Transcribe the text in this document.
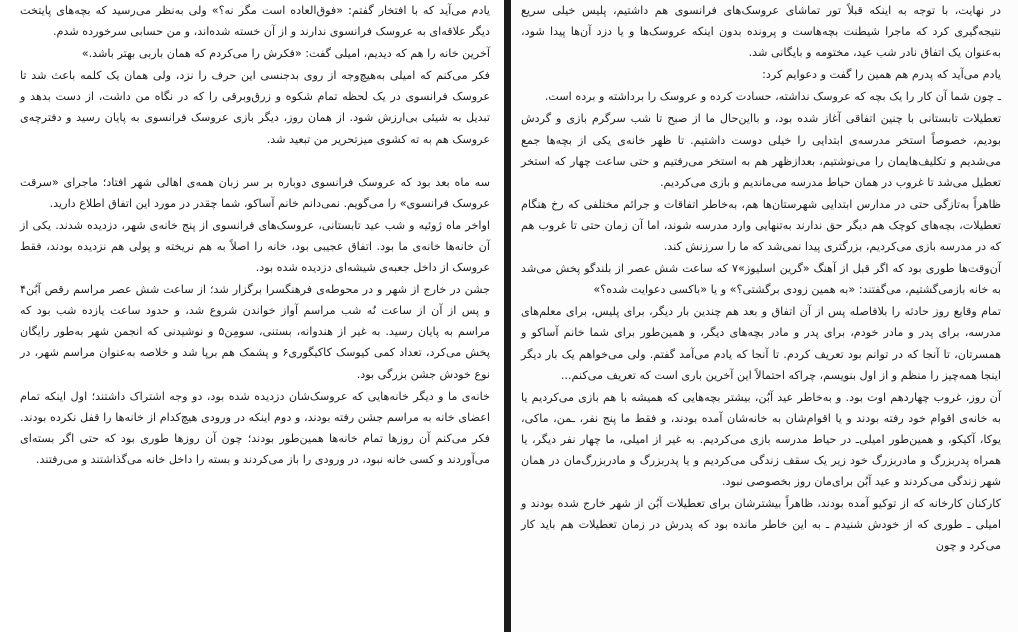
یادم می‌آید که با افتخار گفتم: «فوق‌العاده است مگر نه؟» ولی به‌نظر می‌رسید که بچه‌های پایتخت دیگر علاقه‌ای به عروسک فرانسوی ندارند و از آن خسته شده‌اند، و من حسابی سرخورده شدم.

آخرین خانه را هم که دیدیم، امیلی گفت: «فکرش را می‌کردم که همان باربی بهتر باشد.»

فکر می‌کنم که امیلی به‌هیچ‌وجه از روی بدجنسی این حرف را نزد، ولی همان یک کلمه باعث شد تا عروسک فرانسوی در یک لحظه تمام شکوه و زرق‌وبرقی را که در نگاه من داشت، از دست بدهد و تبدیل به شیئی بی‌ارزش شود. از همان روز، دیگر بازی عروسک فرانسوی به پایان رسید و دفترچه‌ی عروسک هم به ته کشوی میزتحریر من تبعید شد.

سه ماه بعد بود که عروسک فرانسوی دوباره بر سر زبان همه‌ی اهالی شهر افتاد؛ ماجرای «سرقت عروسک فرانسوی» را می‌گویم. نمی‌دانم خانم آساکو، شما چقدر در مورد این اتفاق اطلاع دارید.

اواخر ماه ژوئیه و شب عید تابستانی، عروسک‌های فرانسوی از پنج خانه‌ی شهر، دزدیده شدند. یکی از آن خانه‌ها خانه‌ی ما بود. اتفاق عجیبی بود، خانه را اصلاً به هم نریخته و پولی هم نزدیده بودند، فقط عروسک از داخل جعبه‌ی شیشه‌ای دزدیده شده بود.

جشن در خارج از شهر و در محوطه‌ی فرهنگسرا برگزار شد؛ از ساعت شش عصر مراسم رقص آبُن۴ و پس از آن از ساعت نُه شب مراسم آواز خواندن شروع شد، و حدود ساعت یازده شب بود که مراسم به پایان رسید. به غیر از هندوانه، بستنی، سومِن۵ و نوشیدنی که انجمن شهر به‌طور رایگان پخش می‌کرد، تعداد کمی کیوسک کاکیگوری۶ و پشمک هم برپا شد و خلاصه به‌عنوان مراسم شهر، در نوع خودش جشن بزرگی بود.

خانه‌ی ما و دیگر خانه‌هایی که عروسک‌شان دزدیده شده بود، دو وجه اشتراک داشتند؛ اول اینکه تمام اعضای خانه به مراسم جشن رفته بودند، و دوم اینکه در ورودی هیچ‌کدام از خانه‌ها را قفل نکرده بودند. فکر می‌کنم آن روزها تمام خانه‌ها همین‌طور بودند؛ چون آن روزها طوری بود که حتی اگر بسته‌ای می‌آوردند و کسی خانه نبود، در ورودی را باز می‌کردند و بسته را داخل خانه می‌گذاشتند و می‌رفتند.

در نهایت، با توجه به اینکه قبلاً تور تماشای عروسک‌های فرانسوی هم داشتیم، پلیس خیلی سریع نتیجه‌گیری کرد که ماجرا شیطنت بچه‌هاست و پرونده بدون اینکه عروسک‌ها و یا دزد آن‌ها پیدا شود، به‌عنوان یک اتفاق نادر شب عید، مختومه و بایگانی شد.

یادم می‌آید که پدرم هم همین را گفت و دعوایم کرد:

ـ چون شما آن کار را یک بچه که عروسک نداشته، حسادت کرده و عروسک را برداشته و برده است.

تعطیلات تابستانی با چنین اتفاقی آغاز شده بود، و بااین‌حال ما از صبح تا شب سرگرم بازی و گردش بودیم، خصوصاً استخر مدرسه‌ی ابتدایی را خیلی دوست داشتیم. تا ظهر خانه‌ی یکی از بچه‌ها جمع می‌شدیم و تکلیف‌هایمان را می‌نوشتیم، بعدازظهر هم به استخر می‌رفتیم و حتی ساعت چهار که استخر تعطیل می‌شد تا غروب در همان حیاط مدرسه می‌ماندیم و بازی می‌کردیم.

ظاهراً به‌تازگی حتی در مدارس ابتدایی شهرستان‌ها هم، به‌خاطر اتفاقات و جرائم مختلفی که رخ هنگام تعطیلات، بچه‌های کوچک هم دیگر حق ندارند به‌تنهایی وارد مدرسه شوند، اما آن زمان حتی تا غروب هم که در مدرسه بازی می‌کردیم، بزرگتری پیدا نمی‌شد که ما را سرزنش کند.

آن‌وقت‌ها طوری بود که اگر قبل از آهنگ «گرین اسلیوز»۷ که ساعت شش عصر از بلندگو پخش می‌شد به خانه بازمی‌گشتیم، می‌گفتند: «به همین زودی برگشتی؟» و یا «باکسی دعوایت شده؟»

تمام وقایع روز حادثه را بلافاصله پس از آن اتفاق و بعد هم چندین بار دیگر، برای پلیس، برای معلم‌های مدرسه، برای پدر و مادر خودم، برای پدر و مادر بچه‌های دیگر، و همین‌طور برای شما خانم آساکو و همسرتان، تا آنجا که در توانم بود تعریف کردم. تا آنجا که یادم می‌آمد گفتم. ولی می‌خواهم یک بار دیگر اینجا همه‌چیز را منظم و از اول بنویسم، چراکه احتمالاً این آخرین باری است که تعریف می‌کنم...

آن روز، غروب چهاردهم اوت بود. و به‌خاطر عید آبُن، بیشتر بچه‌هایی که همیشه با هم بازی می‌کردیم یا به خانه‌ی اقوام خود رفته بودند و یا اقوام‌شان به خانه‌شان آمده بودند، و فقط ما پنج نفر، ـمن، ماکی، یوکا، آکیکو، و همین‌طور امیلی‌ـ در حیاط مدرسه بازی می‌کردیم. به غیر از امیلی، ما چهار نفر دیگر، یا همراه پدربزرگ و مادربزرگ خود زیر یک سقف زندگی می‌کردیم و یا پدربزرگ و مادربزرگ‌مان در همان شهر زندگی می‌کردند و عید آبُن برای‌مان روز بخصوصی نبود.

کارکنان کارخانه که از توکیو آمده بودند، ظاهراً بیشترشان برای تعطیلات آبُن از شهر خارج شده بودند و امیلی ـ طوری که از خودش شنیدم ـ به این خاطر مانده بود که پدرش در زمان تعطیلات هم باید کار می‌کرد و چون
